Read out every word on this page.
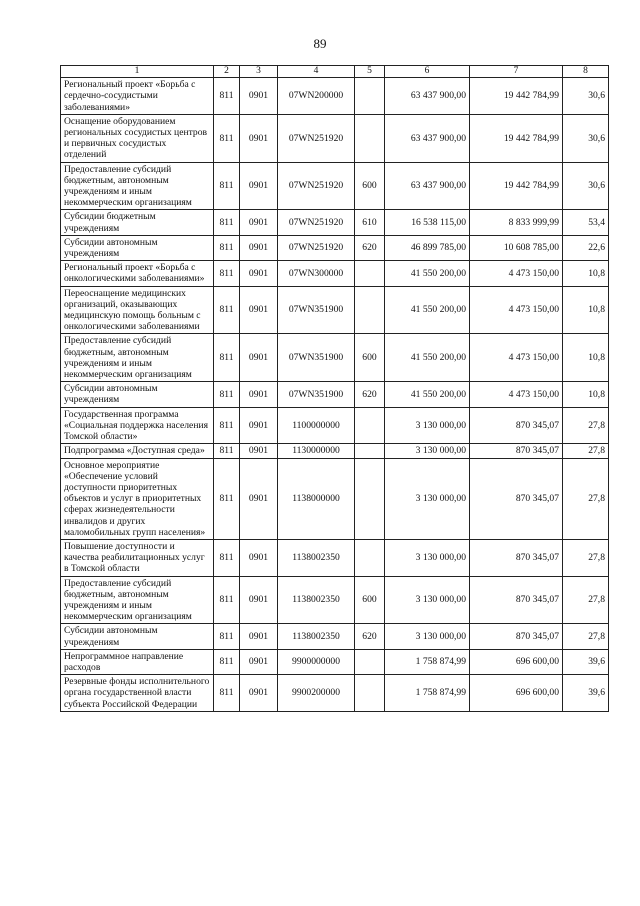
89
1	2	3	4	5	6	7	8
Региональный проект «Борьба с сердечно-сосудистыми заболеваниями»	811	0901	07WN200000		63 437 900,00	19 442 784,99	30,6
Оснащение оборудованием региональных сосудистых центров и первичных сосудистых отделений	811	0901	07WN251920		63 437 900,00	19 442 784,99	30,6
Предоставление субсидий бюджетным, автономным учреждениям и иным некоммерческим организациям	811	0901	07WN251920	600	63 437 900,00	19 442 784,99	30,6
Субсидии бюджетным учреждениям	811	0901	07WN251920	610	16 538 115,00	8 833 999,99	53,4
Субсидии автономным учреждениям	811	0901	07WN251920	620	46 899 785,00	10 608 785,00	22,6
Региональный проект «Борьба с онкологическими заболеваниями»	811	0901	07WN300000		41 550 200,00	4 473 150,00	10,8
Переоснащение медицинских организаций, оказывающих медицинскую помощь больным с онкологическими заболеваниями	811	0901	07WN351900		41 550 200,00	4 473 150,00	10,8
Предоставление субсидий бюджетным, автономным учреждениям и иным некоммерческим организациям	811	0901	07WN351900	600	41 550 200,00	4 473 150,00	10,8
Субсидии автономным учреждениям	811	0901	07WN351900	620	41 550 200,00	4 473 150,00	10,8
Государственная программа «Социальная поддержка населения Томской области»	811	0901	1100000000		3 130 000,00	870 345,07	27,8
Подпрограмма «Доступная среда»	811	0901	1130000000		3 130 000,00	870 345,07	27,8
Основное мероприятие «Обеспечение условий доступности приоритетных объектов и услуг в приоритетных сферах жизнедеятельности инвалидов и других маломобильных групп населения»	811	0901	1138000000		3 130 000,00	870 345,07	27,8
Повышение доступности и качества реабилитационных услуг в Томской области	811	0901	1138002350		3 130 000,00	870 345,07	27,8
Предоставление субсидий бюджетным, автономным учреждениям и иным некоммерческим организациям	811	0901	1138002350	600	3 130 000,00	870 345,07	27,8
Субсидии автономным учреждениям	811	0901	1138002350	620	3 130 000,00	870 345,07	27,8
Непрограммное направление расходов	811	0901	9900000000		1 758 874,99	696 600,00	39,6
Резервные фонды исполнительного органа государственной власти субъекта Российской Федерации	811	0901	9900200000		1 758 874,99	696 600,00	39,6
